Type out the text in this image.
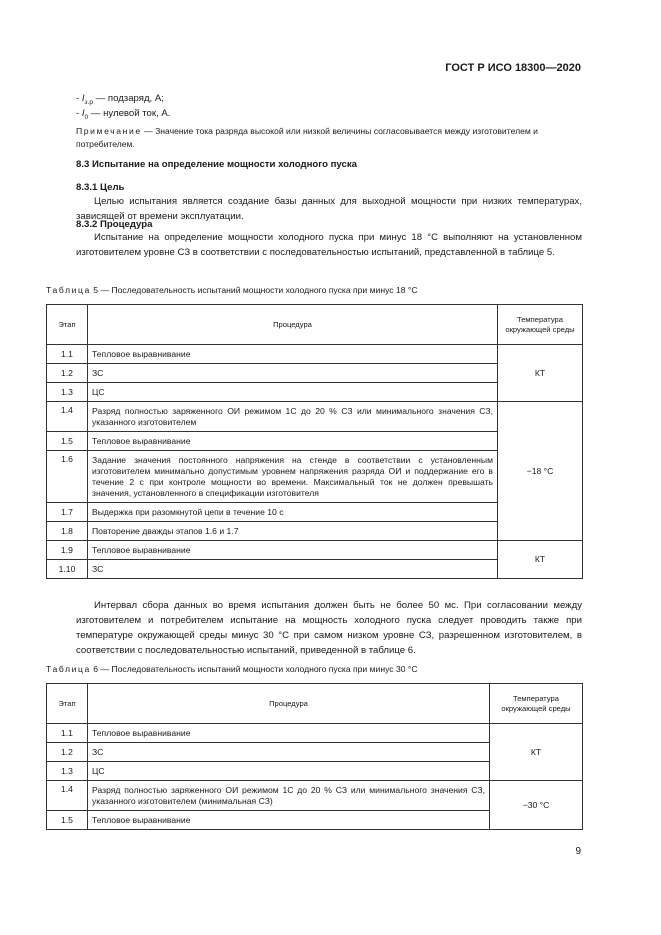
ГОСТ Р ИСО 18300—2020

- $I_{з.р}$ — подзаряд, А;

- $I_0$ — нулевой ток, А.

Примечание — Значение тока разряда высокой или низкой величины согласовывается между изготовителем и потребителем.

8.3 Испытание на определение мощности холодного пуска

8.3.1 Цель

Целью испытания является создание базы данных для выходной мощности при низких температурах, зависящей от времени эксплуатации.

8.3.2 Процедура

Испытание на определение мощности холодного пуска при минус 18 °С выполняют на установленном изготовителем уровне СЗ в соответствии с последовательностью испытаний, представленной в таблице 5.

Таблица 5 — Последовательность испытаний мощности холодного пуска при минус 18 °С
Этап	Процедура	Температура окружающей среды
1.1	Тепловое выравнивание	КТ
1.2	ЗС	
1.3	ЦС	
1.4	Разряд полностью заряженного ОИ режимом 1С до 20 % СЗ или минимального значения СЗ, указанного изготовителем	−18 °С
1.5	Тепловое выравнивание	
1.6	Задание значения постоянного напряжения на стенде в соответствии с установленным изготовителем минимально допустимым уровнем напряжения разряда ОИ и поддержание его в течение 2 с при контроле мощности во времени. Максимальный ток не должен превышать значения, установленного в спецификации изготовителя	
1.7	Выдержка при разомкнутой цепи в течение 10 с	
1.8	Повторение дважды этапов 1.6 и 1.7	
1.9	Тепловое выравнивание	КТ
1.10	ЗС	

Интервал сбора данных во время испытания должен быть не более 50 мс. При согласовании между изготовителем и потребителем испытание на мощность холодного пуска следует проводить также при температуре окружающей среды минус 30 °С при самом низком уровне СЗ, разрешенном изготовителем, в соответствии с последовательностью испытаний, приведенной в таблице 6.

Таблица 6 — Последовательность испытаний мощности холодного пуска при минус 30 °С
Этап	Процедура	Температура окружающей среды
1.1	Тепловое выравнивание	КТ
1.2	ЗС	
1.3	ЦС	
1.4	Разряд полностью заряженного ОИ режимом 1С до 20 % СЗ или минимального значения СЗ, указанного изготовителем (минимальная СЗ)	−30 °С
1.5	Тепловое выравнивание	
9
